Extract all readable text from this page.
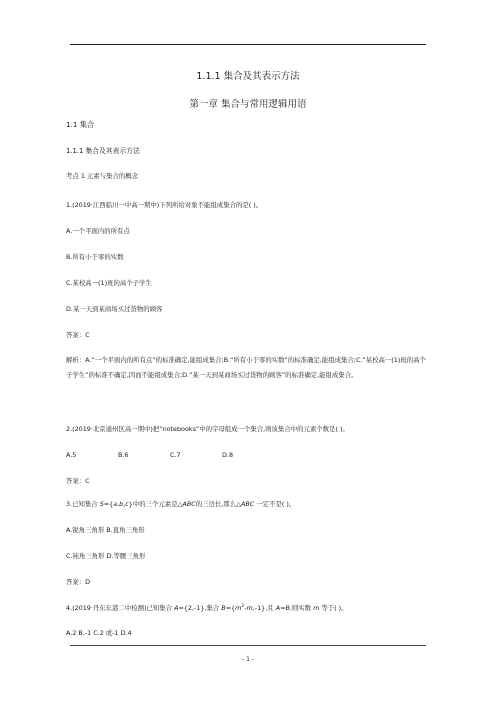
1.1.1 集合及其表示方法
第一章 集合与常用逻辑用语
1.1 集合
1.1.1 集合及其表示方法
考点 1 元素与集合的概念
1.(2019·江西临川一中高一期中)下列所给对象不能组成集合的是( )。
A.一个平面内的所有点
B.所有小于零的实数
C.某校高一(1)班的高个子学生
D.某一天到某商场买过货物的顾客
答案：C
解析：A.“一个平面内的所有点”的标准确定,能组成集合;B.“所有小于零的实数”的标准确定,能组成集合;C.“某校高一(1)班的高个子学生”的标准不确定,因而不能组成集合;D.“某一天到某商场买过货物的顾客”的标准确定,能组成集合。
2.(2019·北京通州区高一期中)把“notebooks”中的字母组成一个集合,则该集合中的元素个数是( )。
A.5	B.6	C.7	D.8
答案：C
3.已知集合 S={a,b,c}中的三个元素是△ABC的三边长,那么△ABC 一定不是( )。
A.锐角三角形 B.直角三角形
C.钝角三角形 D.等腰三角形
答案：D
4.(2019·丹东东港二中检测)已知集合 A={2,-1},集合 $B=\{m^2-m,-1\}$,且 A=B,则实数 m 等于( )。
A.2 B.-1 C.2 或-1 D.4
- 1 -
